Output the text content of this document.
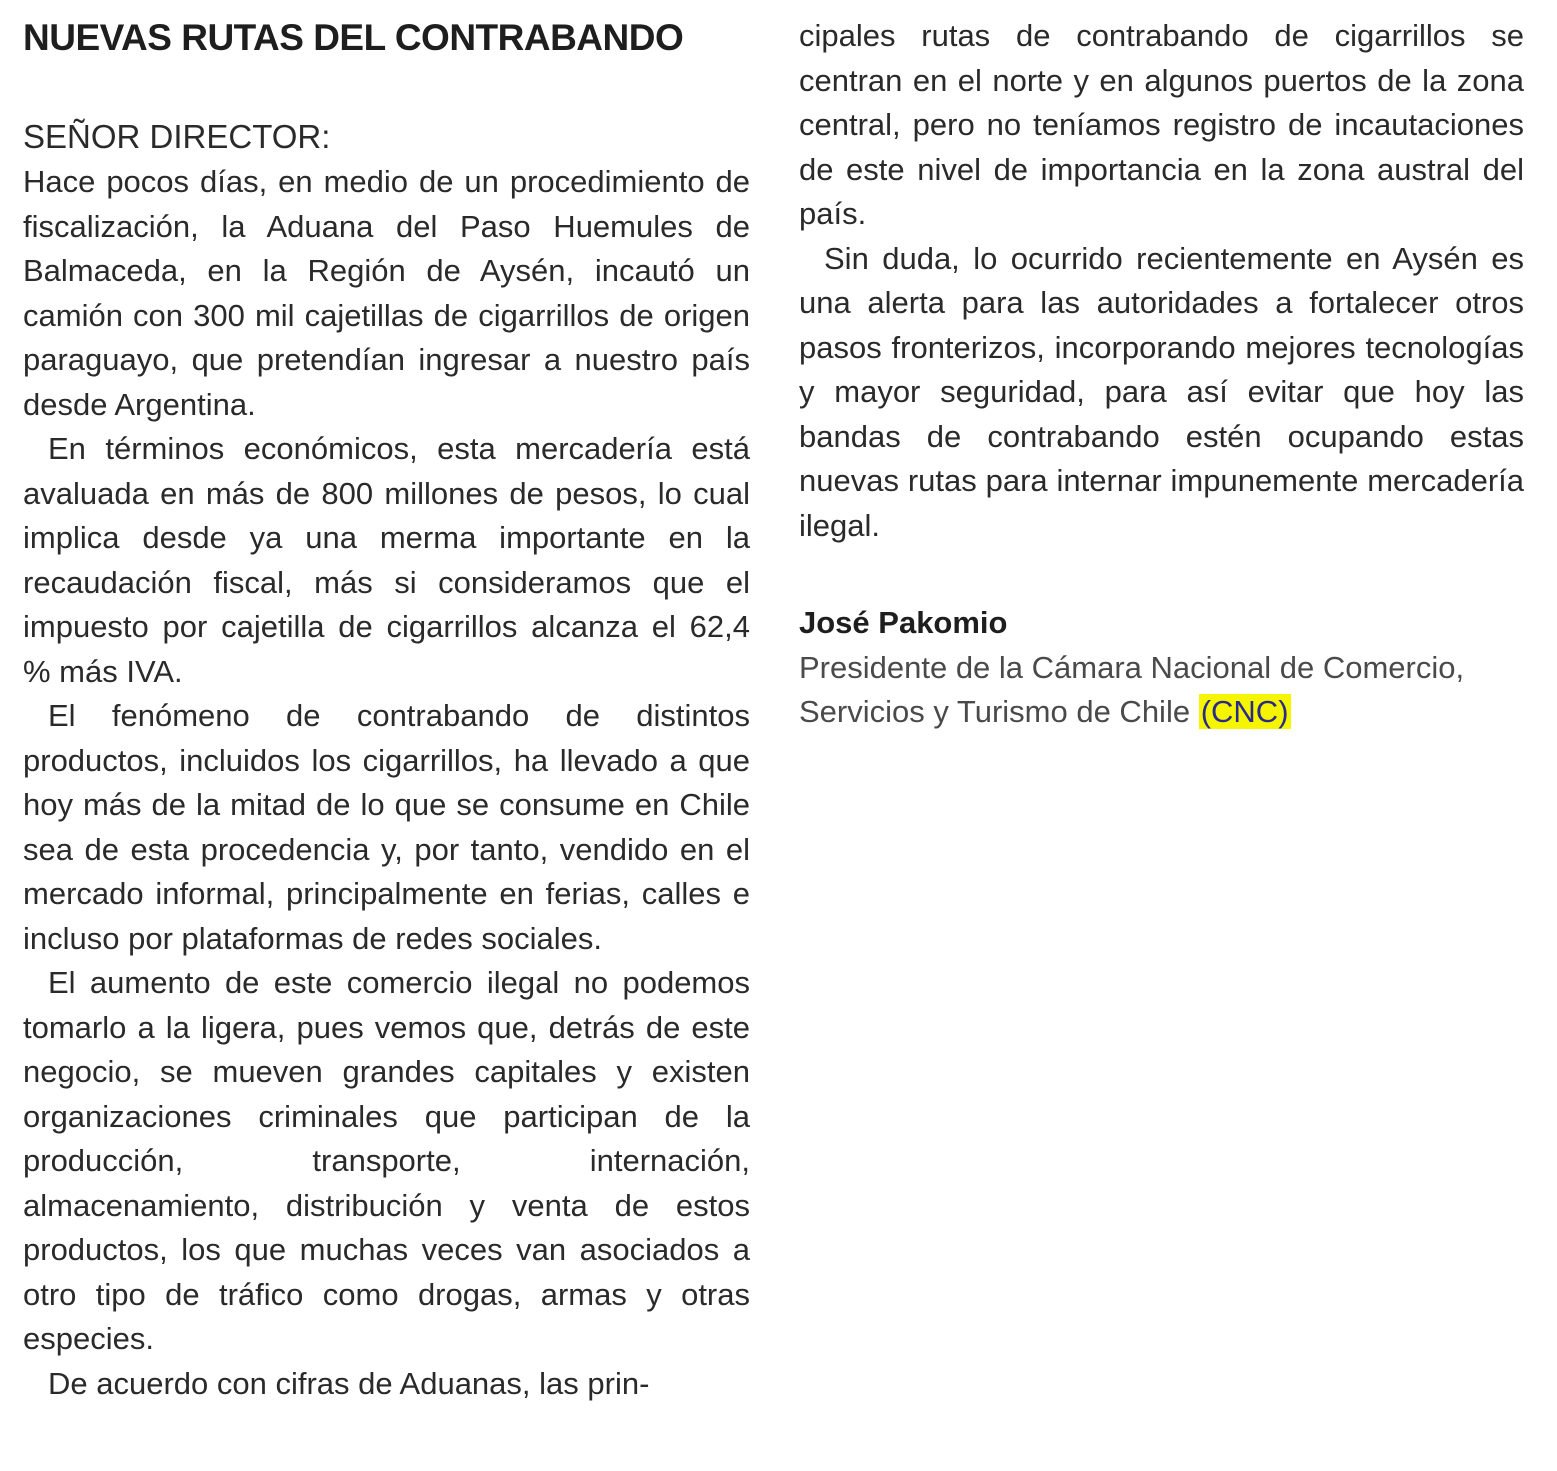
NUEVAS RUTAS DEL CONTRABANDO

SEÑOR DIRECTOR:

Hace pocos días, en medio de un procedimiento de fiscalización, la Aduana del Paso Huemules de Balmaceda, en la Región de Aysén, incautó un camión con 300 mil cajetillas de cigarrillos de origen paraguayo, que pretendían ingresar a nuestro país desde Argentina.

En términos económicos, esta mercadería está avaluada en más de 800 millones de pesos, lo cual implica desde ya una merma importante en la recaudación fiscal, más si consideramos que el impuesto por cajetilla de cigarrillos alcanza el 62,4 % más IVA.

El fenómeno de contrabando de distintos productos, incluidos los cigarrillos, ha llevado a que hoy más de la mitad de lo que se consume en Chile sea de esta procedencia y, por tanto, vendido en el mercado informal, principalmente en ferias, calles e incluso por plataformas de redes sociales.

El aumento de este comercio ilegal no podemos tomarlo a la ligera, pues vemos que, detrás de este negocio, se mueven grandes capitales y existen organizaciones criminales que participan de la producción, transporte, internación, almacenamiento, distribución y venta de estos productos, los que muchas veces van asociados a otro tipo de tráfico como drogas, armas y otras especies.

De acuerdo con cifras de Aduanas, las prin-

cipales rutas de contrabando de cigarrillos se centran en el norte y en algunos puertos de la zona central, pero no teníamos registro de incautaciones de este nivel de importancia en la zona austral del país.

Sin duda, lo ocurrido recientemente en Aysén es una alerta para las autoridades a fortalecer otros pasos fronterizos, incorporando mejores tecnologías y mayor seguridad, para así evitar que hoy las bandas de contrabando estén ocupando estas nuevas rutas para internar impunemente mercadería ilegal.

José Pakomio

Presidente de la Cámara Nacional de Comercio, Servicios y Turismo de Chile (CNC)
